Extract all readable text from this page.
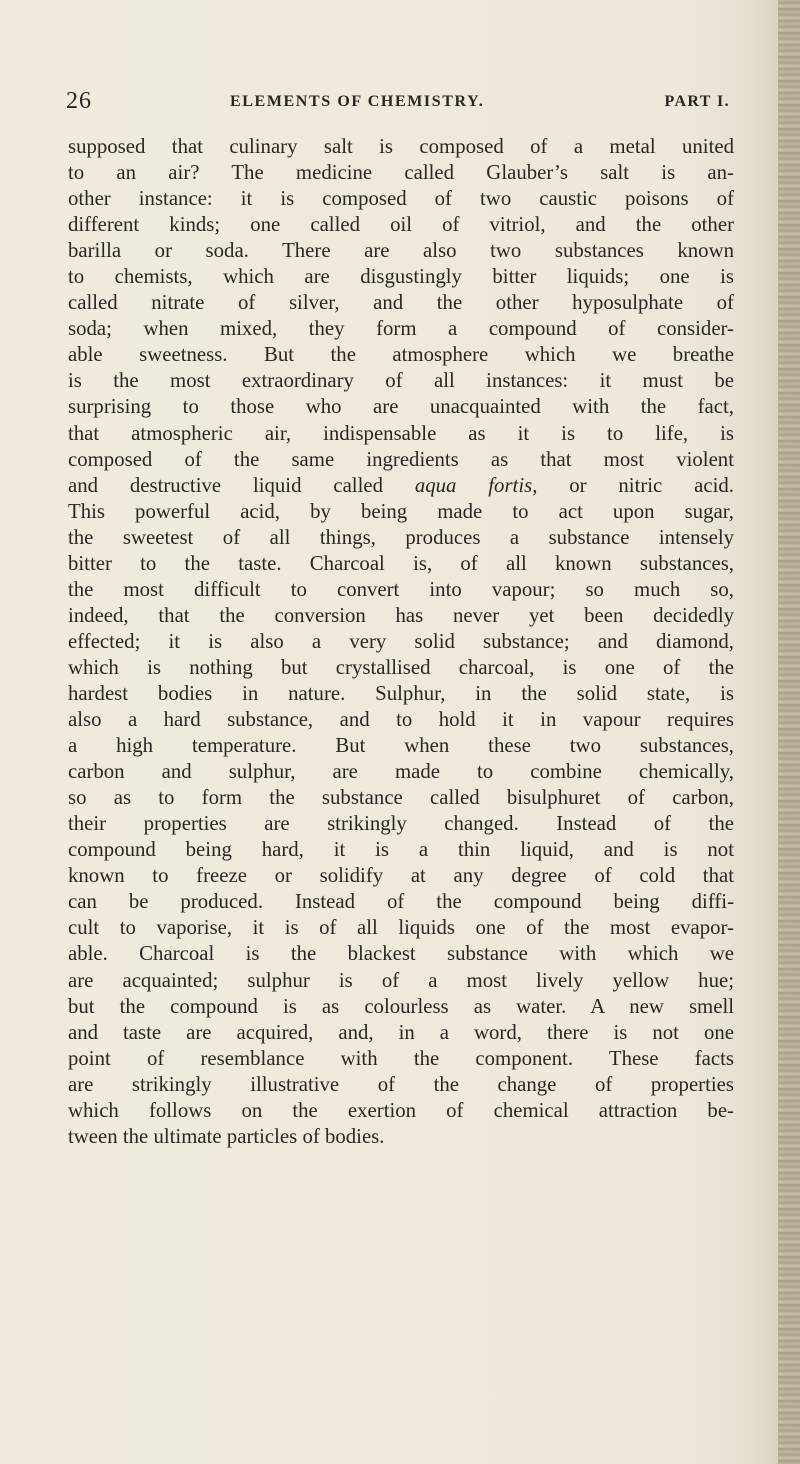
26	ELEMENTS OF CHEMISTRY.	PART I.
supposed that culinary salt is composed of a metal united
to an air? The medicine called Glauber’s salt is an-
other instance: it is composed of two caustic poisons of
different kinds; one called oil of vitriol, and the other
barilla or soda. There are also two substances known
to chemists, which are disgustingly bitter liquids; one is
called nitrate of silver, and the other hyposulphate of
soda; when mixed, they form a compound of consider-
able sweetness. But the atmosphere which we breathe
is the most extraordinary of all instances: it must be
surprising to those who are unacquainted with the fact,
that atmospheric air, indispensable as it is to life, is
composed of the same ingredients as that most violent
and destructive liquid called aqua fortis, or nitric acid.
This powerful acid, by being made to act upon sugar,
the sweetest of all things, produces a substance intensely
bitter to the taste. Charcoal is, of all known substances,
the most difficult to convert into vapour; so much so,
indeed, that the conversion has never yet been decidedly
effected; it is also a very solid substance; and diamond,
which is nothing but crystallised charcoal, is one of the
hardest bodies in nature. Sulphur, in the solid state, is
also a hard substance, and to hold it in vapour requires
a high temperature. But when these two substances,
carbon and sulphur, are made to combine chemically,
so as to form the substance called bisulphuret of carbon,
their properties are strikingly changed. Instead of the
compound being hard, it is a thin liquid, and is not
known to freeze or solidify at any degree of cold that
can be produced. Instead of the compound being diffi-
cult to vaporise, it is of all liquids one of the most evapor-
able. Charcoal is the blackest substance with which we
are acquainted; sulphur is of a most lively yellow hue;
but the compound is as colourless as water. A new smell
and taste are acquired, and, in a word, there is not one
point of resemblance with the component. These facts
are strikingly illustrative of the change of properties
which follows on the exertion of chemical attraction be-
tween the ultimate particles of bodies.
